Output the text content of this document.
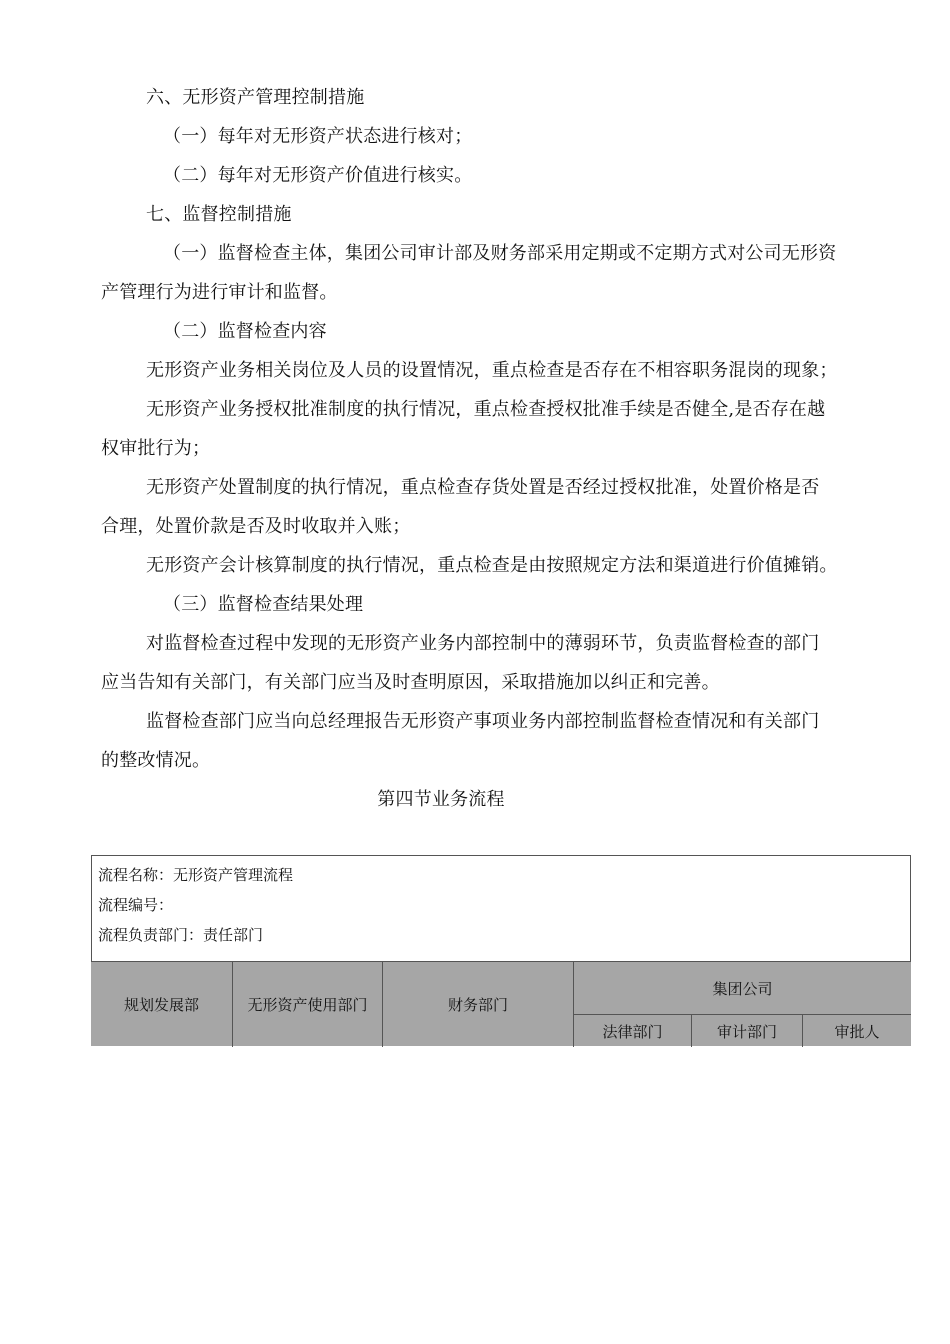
六、无形资产管理控制措施
（一）每年对无形资产状态进行核对；
（二）每年对无形资产价值进行核实。
七、监督控制措施
（一）监督检查主体，集团公司审计部及财务部采用定期或不定期方式对公司无形资
产管理行为进行审计和监督。
（二）监督检查内容
无形资产业务相关岗位及人员的设置情况，重点检查是否存在不相容职务混岗的现象；
无形资产业务授权批准制度的执行情况，重点检查授权批准手续是否健全,是否存在越
权审批行为；
无形资产处置制度的执行情况，重点检查存货处置是否经过授权批准，处置价格是否
合理，处置价款是否及时收取并入账；
无形资产会计核算制度的执行情况，重点检查是由按照规定方法和渠道进行价值摊销。
（三）监督检查结果处理
对监督检查过程中发现的无形资产业务内部控制中的薄弱环节，负责监督检查的部门
应当告知有关部门，有关部门应当及时查明原因，采取措施加以纠正和完善。
监督检查部门应当向总经理报告无形资产事项业务内部控制监督检查情况和有关部门
的整改情况。
第四节业务流程
流程名称：无形资产管理流程
流程编号：
流程负责部门：责任部门
规划发展部	无形资产使用部门	财务部门
集团公司
法律部门	审计部门	审批人
